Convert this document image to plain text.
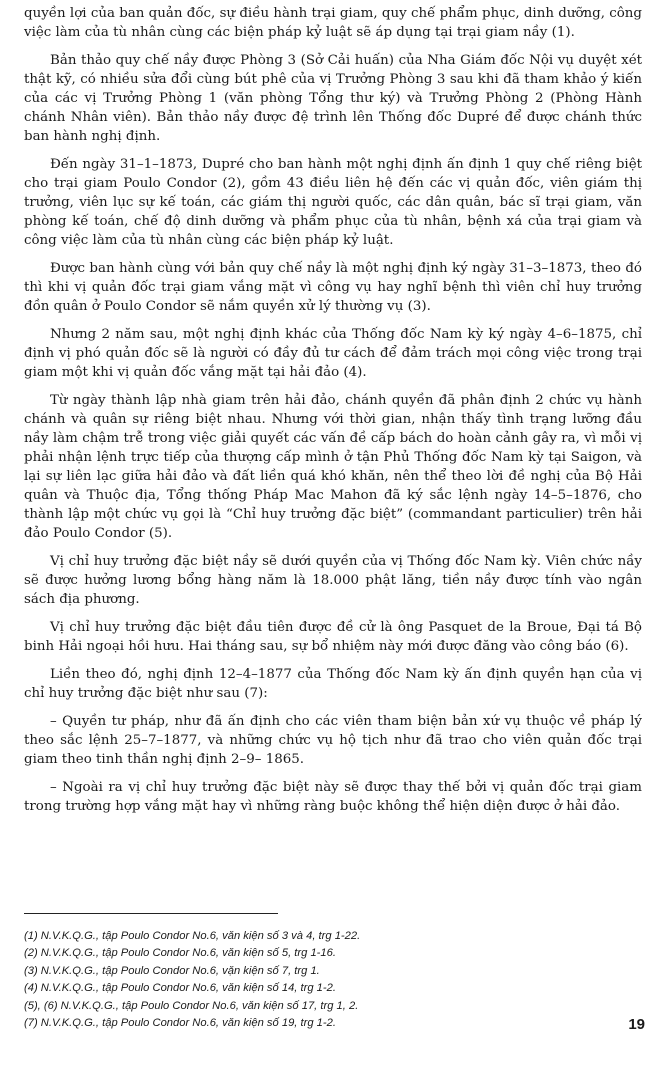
quyền lợi của ban quản đốc, sự điều hành trại giam, quy chế phẩm phục, dinh dưỡng, công việc làm của tù nhân cùng các biện pháp kỷ luật sẽ áp dụng tại trại giam nầy (1).

Bản thảo quy chế nầy được Phòng 3 (Sở Cải huấn) của Nha Giám đốc Nội vụ duyệt xét thật kỹ, có nhiều sửa đổi cùng bút phê của vị Trưởng Phòng 3 sau khi đã tham khảo ý kiến của các vị Trưởng Phòng 1 (văn phòng Tổng thư ký) và Trưởng Phòng 2 (Phòng Hành chánh Nhân viên). Bản thảo nầy được đệ trình lên Thống đốc Dupré để được chánh thức ban hành nghị định.

Đến ngày 31–1–1873, Dupré cho ban hành một nghị định ấn định 1 quy chế riêng biệt cho trại giam Poulo Condor (2), gồm 43 điều liên hệ đến các vị quản đốc, viên giám thị trưởng, viên lục sự kế toán, các giám thị người quốc, các dân quân, bác sĩ trại giam, văn phòng kế toán, chế độ dinh dưỡng và phẩm phục của tù nhân, bệnh xá của trại giam và công việc làm của tù nhân cùng các biện pháp kỷ luật.

Được ban hành cùng với bản quy chế nầy là một nghị định ký ngày 31–3–1873, theo đó thì khi vị quản đốc trại giam vắng mặt vì công vụ hay nghĩ bệnh thì viên chỉ huy trưởng đồn quân ở Poulo Condor sẽ nắm quyền xử lý thường vụ (3).

Nhưng 2 năm sau, một nghị định khác của Thống đốc Nam kỳ ký ngày 4–6–1875, chỉ định vị phó quản đốc sẽ là người có đầy đủ tư cách để đảm trách mọi công việc trong trại giam một khi vị quản đốc vắng mặt tại hải đảo (4).

Từ ngày thành lập nhà giam trên hải đảo, chánh quyền đã phân định 2 chức vụ hành chánh và quân sự riêng biệt nhau. Nhưng với thời gian, nhận thấy tình trạng lưỡng đầu nầy làm chậm trễ trong việc giải quyết các vấn đề cấp bách do hoàn cảnh gây ra, vì mỗi vị phải nhận lệnh trực tiếp của thượng cấp mình ở tận Phủ Thống đốc Nam kỳ tại Saigon, và lại sự liên lạc giữa hải đảo và đất liền quá khó khăn, nên thể theo lời đề nghị của Bộ Hải quân và Thuộc địa, Tổng thống Pháp Mac Mahon đã ký sắc lệnh ngày 14–5–1876, cho thành lập một chức vụ gọi là “Chỉ huy trưởng đặc biệt” (commandant particulier) trên hải đảo Poulo Condor (5).

Vị chỉ huy trưởng đặc biệt nầy sẽ dưới quyền của vị Thống đốc Nam kỳ. Viên chức nầy sẽ được hưởng lương bổng hàng năm là 18.000 phật lăng, tiền nầy được tính vào ngân sách địa phương.

Vị chỉ huy trưởng đặc biệt đầu tiên được đề cử là ông Pasquet de la Broue, Đại tá Bộ binh Hải ngoại hồi hưu. Hai tháng sau, sự bổ nhiệm này mới được đăng vào công báo (6).

Liền theo đó, nghị định 12–4–1877 của Thống đốc Nam kỳ ấn định quyền hạn của vị chỉ huy trưởng đặc biệt như sau (7):

– Quyền tư pháp, như đã ấn định cho các viên tham biện bản xứ vụ thuộc về pháp lý theo sắc lệnh 25–7–1877, và những chức vụ hộ tịch như đã trao cho viên quản đốc trại giam theo tinh thần nghị định 2–9– 1865.

– Ngoài ra vị chỉ huy trưởng đặc biệt này sẽ được thay thế bởi vị quản đốc trại giam trong trường hợp vắng mặt hay vì những ràng buộc không thể hiện diện được ở hải đảo.

(1) N.V.K.Q.G., tập Poulo Condor No.6, văn kiện số 3 và 4, trg 1-22.

(2) N.V.K.Q.G., tập Poulo Condor No.6, văn kiện số 5, trg 1-16.

(3) N.V.K.Q.G., tập Poulo Condor No.6, vặn kiện số 7, trg 1.

(4) N.V.K.Q.G., tập Poulo Condor No.6, văn kiện số 14, trg 1-2.

(5), (6) N.V.K.Q.G., tập Poulo Condor No.6, văn kiện số 17, trg 1, 2.

(7) N.V.K.Q.G., tập Poulo Condor No.6, văn kiện số 19, trg 1-2.	19
